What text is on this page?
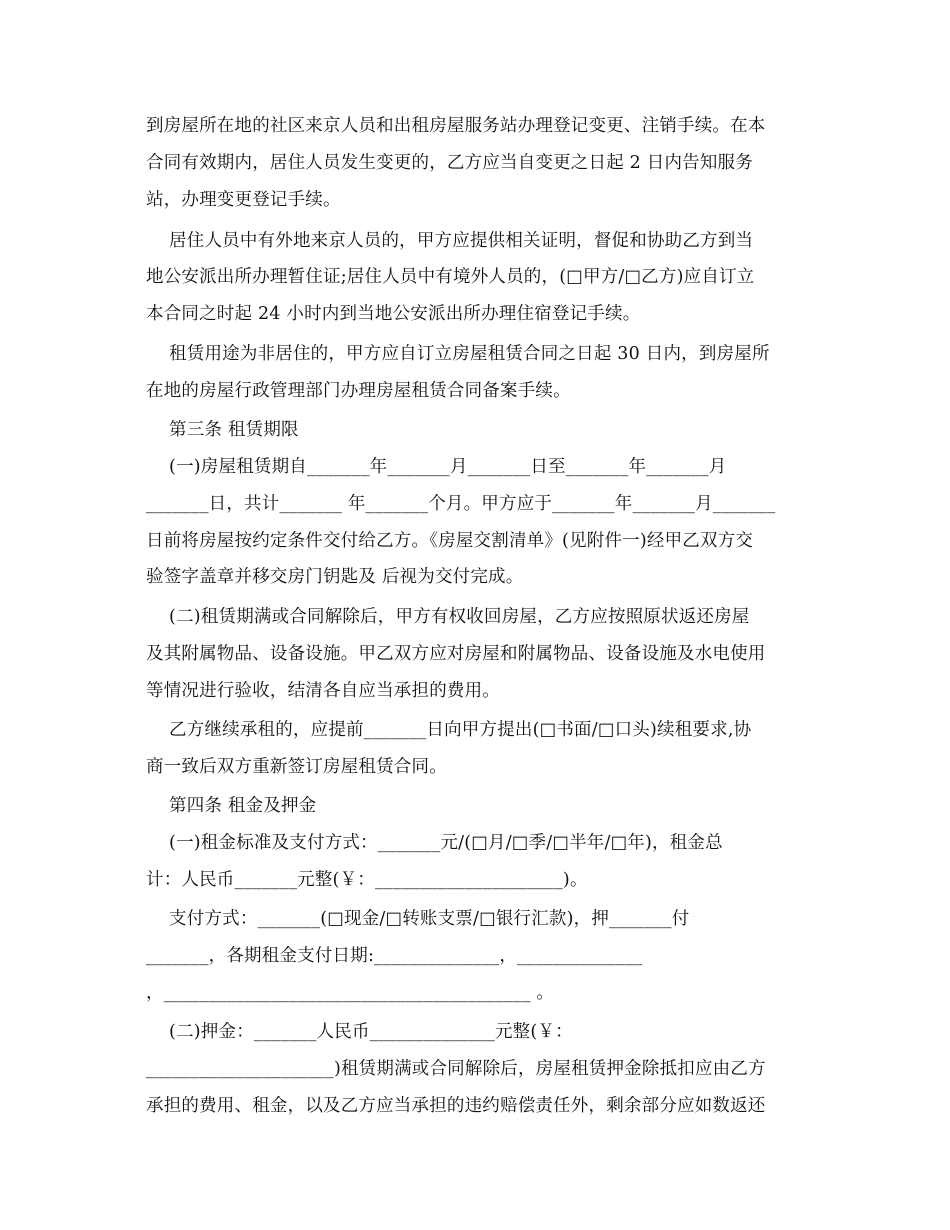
到房屋所在地的社区来京人员和出租房屋服务站办理登记变更、注销手续。在本
合同有效期内，居住人员发生变更的，乙方应当自变更之日起 2 日内告知服务
站，办理变更登记手续。
居住人员中有外地来京人员的，甲方应提供相关证明，督促和协助乙方到当
地公安派出所办理暂住证;居住人员中有境外人员的，(□甲方/□乙方)应自订立
本合同之时起 24 小时内到当地公安派出所办理住宿登记手续。
租赁用途为非居住的，甲方应自订立房屋租赁合同之日起 30 日内，到房屋所
在地的房屋行政管理部门办理房屋租赁合同备案手续。
第三条 租赁期限
(一)房屋租赁期自_______年_______月_______日至_______年_______月
_______日，共计_______ 年_______个月。甲方应于_______年_______月_______
日前将房屋按约定条件交付给乙方。《房屋交割清单》(见附件一)经甲乙双方交
验签字盖章并移交房门钥匙及 后视为交付完成。
(二)租赁期满或合同解除后，甲方有权收回房屋，乙方应按照原状返还房屋
及其附属物品、设备设施。甲乙双方应对房屋和附属物品、设备设施及水电使用
等情况进行验收，结清各自应当承担的费用。
乙方继续承租的，应提前_______日向甲方提出(□书面/□口头)续租要求,协
商一致后双方重新签订房屋租赁合同。
第四条 租金及押金
(一)租金标准及支付方式：_______元/(□月/□季/□半年/□年)，租金总
计：人民币_______元整(￥：_____________________)。
支付方式：_______(□现金/□转账支票/□银行汇款)，押_______付
_______，各期租金支付日期:______________，______________
，_________________________________________ 。
(二)押金：_______人民币______________元整(￥：
_____________________)租赁期满或合同解除后，房屋租赁押金除抵扣应由乙方
承担的费用、租金，以及乙方应当承担的违约赔偿责任外，剩余部分应如数返还
